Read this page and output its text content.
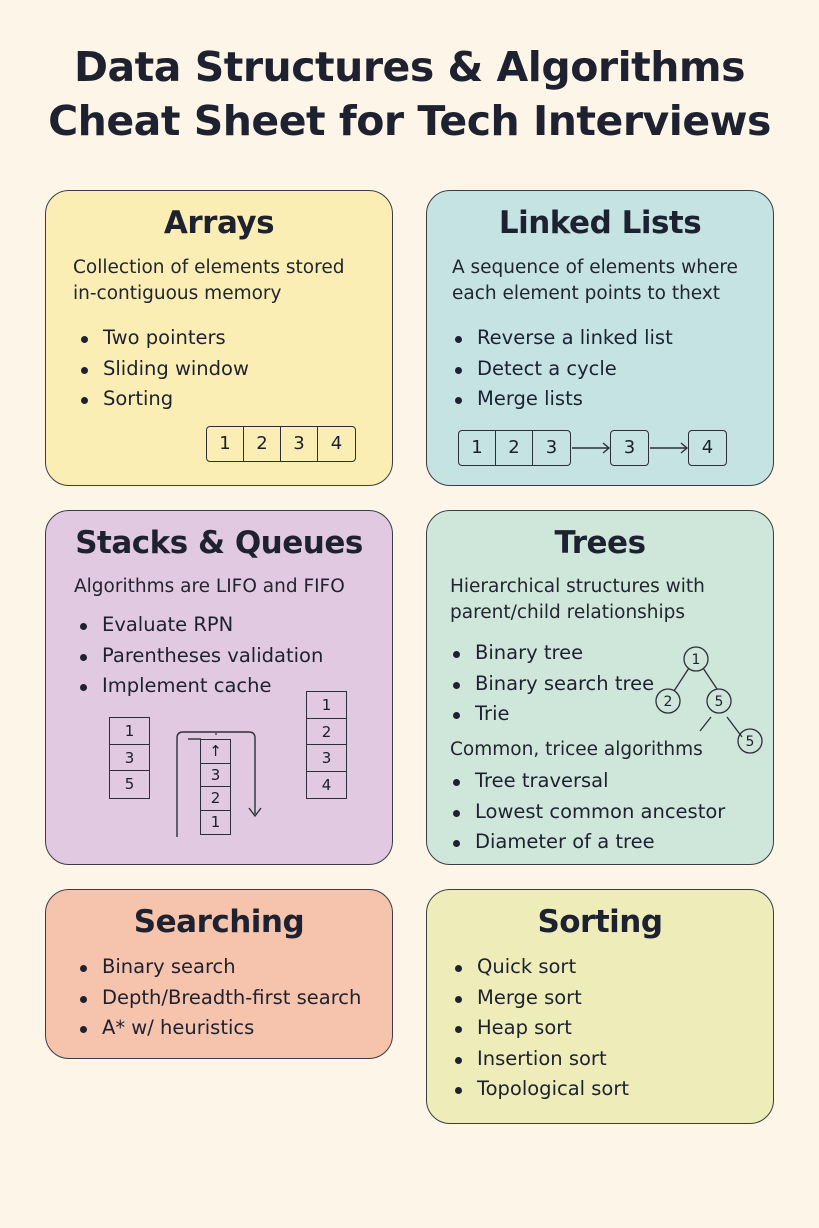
Data Structures & Algorithms
Cheat Sheet for Tech Interviews
Arrays
Collection of elements stored
in-contiguous memory
Two pointers
Sliding window
Sorting
1	2	3	4
Linked Lists
A sequence of elements where
each element points to thext
Reverse a linked list
Detect a cycle
Merge lists
1	2	3	3	4
Stacks & Queues
Algorithms are LIFO and FIFO
Evaluate RPN
Parentheses validation
Implement cache
1
3
5
↑
3
2
1
1
2
3
4
Trees
Hierarchical structures with
parent/child relationships
Binary tree
Binary search tree
Trie
Common, tricee algorithms
Tree traversal
Lowest common ancestor
Diameter of a tree
1
2	5
5
Searching
Binary search
Depth/Breadth-first search
A* w/ heuristics
Sorting
Quick sort
Merge sort
Heap sort
Insertion sort
Topological sort
